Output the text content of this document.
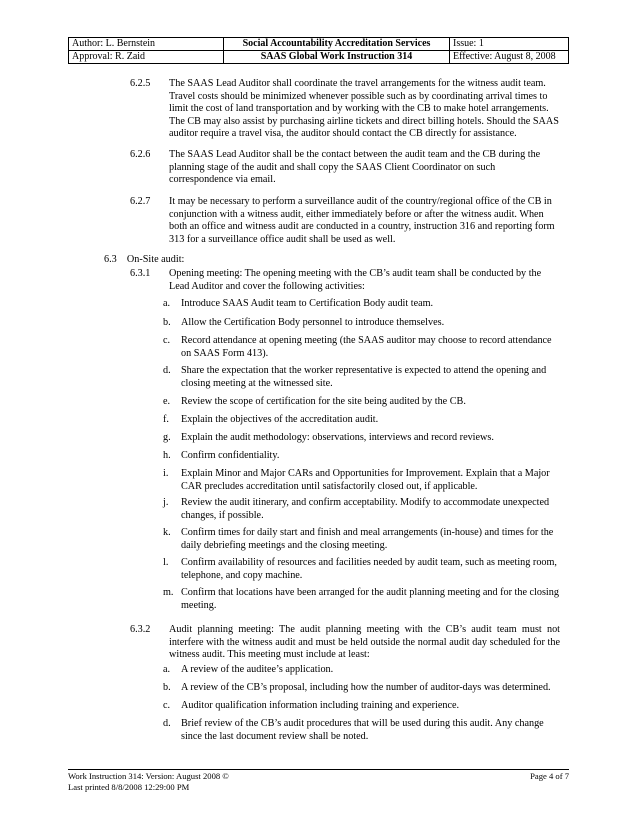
Author: L. Bernstein	Social Accountability Accreditation Services	Issue: 1
Approval: R. Zaid	SAAS Global Work Instruction 314	Effective: August 8, 2008
6.2.5 The SAAS Lead Auditor shall coordinate the travel arrangements for the witness audit team. Travel costs should be minimized whenever possible such as by coordinating arrival times to limit the cost of land transportation and by working with the CB to make hotel arrangements. The CB may also assist by purchasing airline tickets and direct billing hotels. Should the SAAS auditor require a travel visa, the auditor should contact the CB directly for assistance.

6.2.6 The SAAS Lead Auditor shall be the contact between the audit team and the CB during the planning stage of the audit and shall copy the SAAS Client Coordinator on such correspondence via email.

6.2.7 It may be necessary to perform a surveillance audit of the country/regional office of the CB in conjunction with a witness audit, either immediately before or after the witness audit. When both an office and witness audit are conducted in a country, instruction 316 and reporting form 313 for a surveillance office audit shall be used as well.

6.3    On-Site audit:
6.3.1 Opening meeting: The opening meeting with the CB’s audit team shall be conducted by the Lead Auditor and cover the following activities:

a. Introduce SAAS Audit team to Certification Body audit team.
b. Allow the Certification Body personnel to introduce themselves.
c. Record attendance at opening meeting (the SAAS auditor may choose to record attendance on SAAS Form 413).
d. Share the expectation that the worker representative is expected to attend the opening and closing meeting at the witnessed site.
e. Review the scope of certification for the site being audited by the CB.
f. Explain the objectives of the accreditation audit.
g. Explain the audit methodology: observations, interviews and record reviews.
h. Confirm confidentiality.
i. Explain Minor and Major CARs and Opportunities for Improvement. Explain that a Major CAR precludes accreditation until satisfactorily closed out, if applicable.
j. Review the audit itinerary, and confirm acceptability. Modify to accommodate unexpected changes, if possible.
k. Confirm times for daily start and finish and meal arrangements (in-house) and times for the daily debriefing meetings and the closing meeting.
l. Confirm availability of resources and facilities needed by audit team, such as meeting room, telephone, and copy machine.
m. Confirm that locations have been arranged for the audit planning meeting and for the closing meeting.
6.3.2 Audit planning meeting: The audit planning meeting with the CB’s audit team must not interfere with the witness audit and must be held outside the normal audit day scheduled for the witness audit. This meeting must include at least:

a. A review of the auditee’s application.
b. A review of the CB’s proposal, including how the number of auditor-days was determined.
c. Auditor qualification information including training and experience.
d. Brief review of the CB’s audit procedures that will be used during this audit. Any change since the last document review shall be noted.
Work Instruction 314: Version: August 2008 ©
Last printed 8/8/2008 12:29:00 PM
Page 4 of 7
